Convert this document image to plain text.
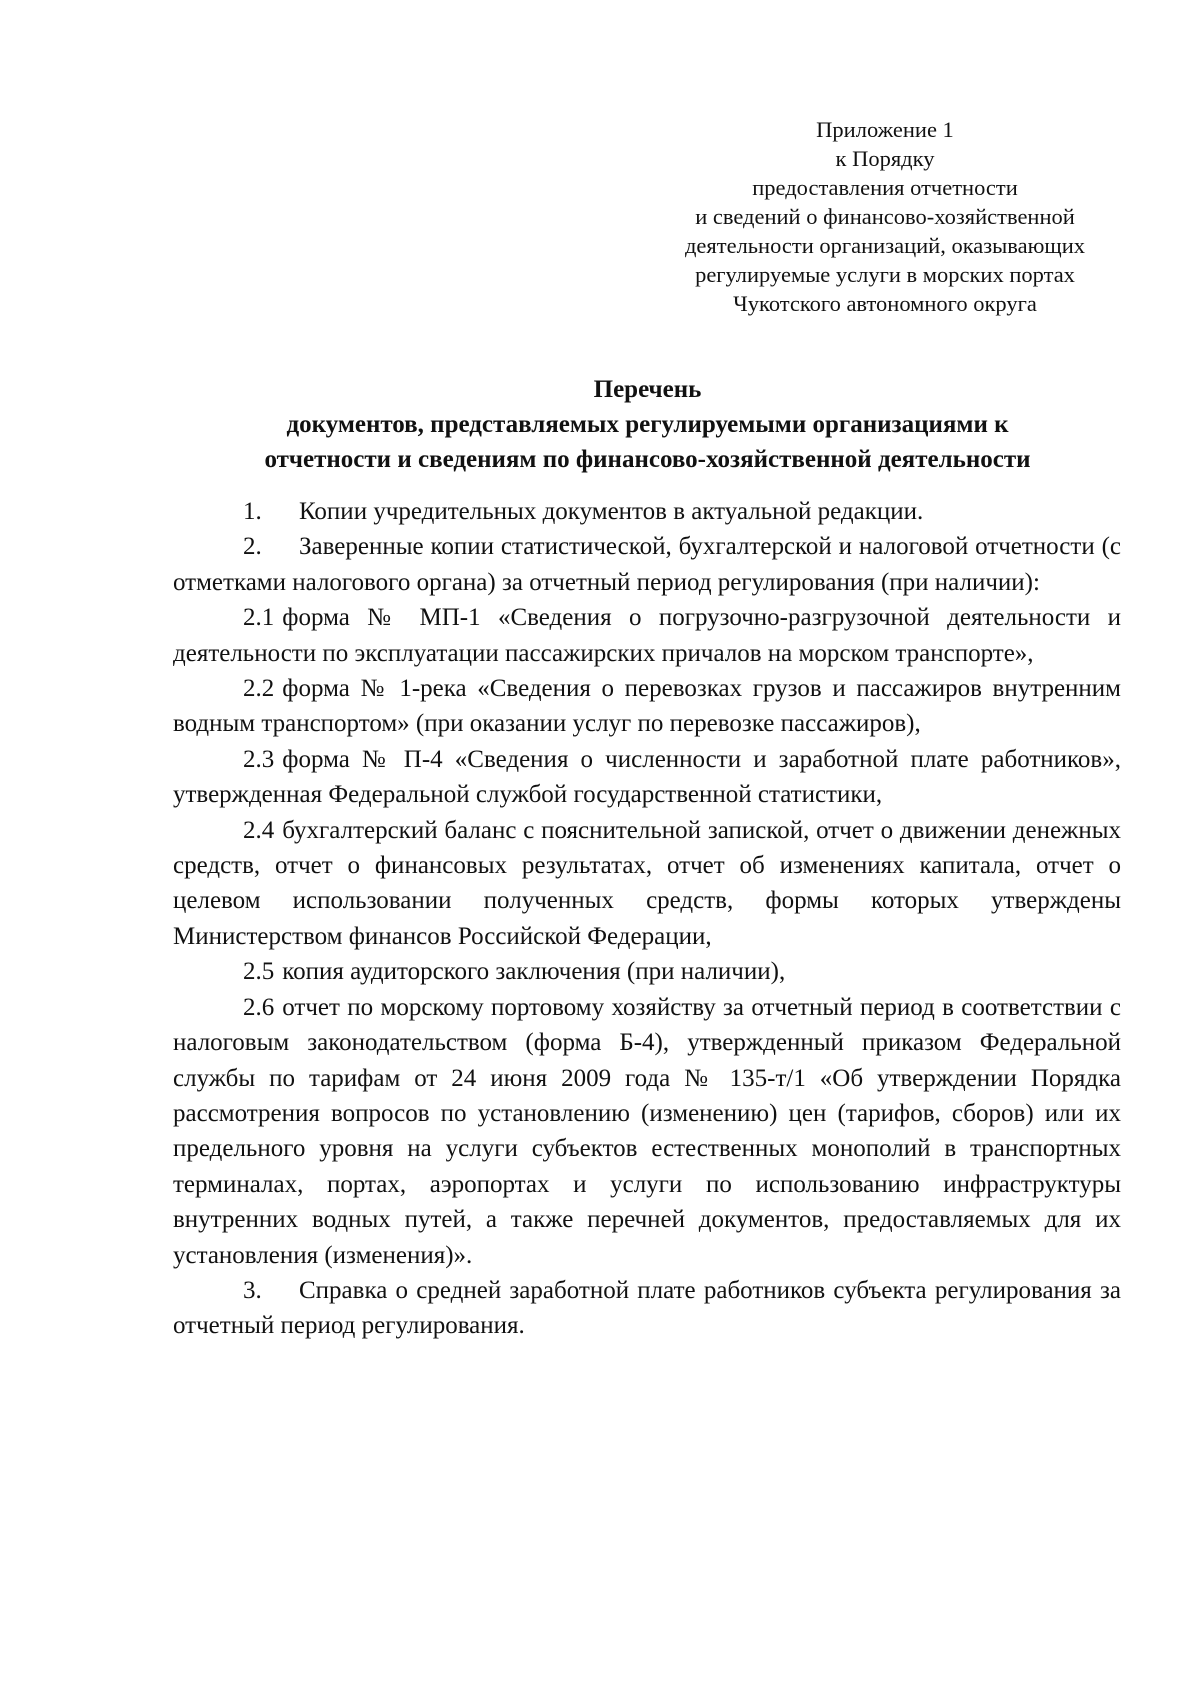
Приложение 1
к Порядку
предоставления отчетности
и сведений о финансово-хозяйственной
деятельности организаций, оказывающих
регулируемые услуги в морских портах
Чукотского автономного округа
Перечень
документов, представляемых регулируемыми организациями к
отчетности и сведениям по финансово-хозяйственной деятельности

1. Копии учредительных документов в актуальной редакции.

2. Заверенные копии статистической, бухгалтерской и налоговой отчетности (с отметками налогового органа) за отчетный период регулирования (при наличии):

2.1 форма № МП-1 «Сведения о погрузочно-разгрузочной деятельности и деятельности по эксплуатации пассажирских причалов на морском транспорте»,

2.2 форма № 1-река «Сведения о перевозках грузов и пассажиров внутренним водным транспортом» (при оказании услуг по перевозке пассажиров),

2.3 форма № П-4 «Сведения о численности и заработной плате работников», утвержденная Федеральной службой государственной статистики,

2.4 бухгалтерский баланс с пояснительной запиской, отчет о движении денежных средств, отчет о финансовых результатах, отчет об изменениях капитала, отчет о целевом использовании полученных средств, формы которых утверждены Министерством финансов Российской Федерации,

2.5 копия аудиторского заключения (при наличии),

2.6 отчет по морскому портовому хозяйству за отчетный период в соответствии с налоговым законодательством (форма Б-4), утвержденный приказом Федеральной службы по тарифам от 24 июня 2009 года № 135-т/1 «Об утверждении Порядка рассмотрения вопросов по установлению (изменению) цен (тарифов, сборов) или их предельного уровня на услуги субъектов естественных монополий в транспортных терминалах, портах, аэропортах и услуги по использованию инфраструктуры внутренних водных путей, а также перечней документов, предоставляемых для их установления (изменения)».

3. Справка о средней заработной плате работников субъекта регулирования за отчетный период регулирования.
